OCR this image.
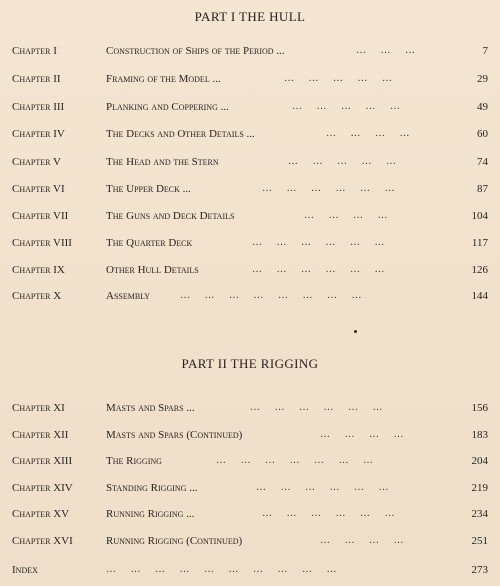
PART I THE HULL
Chapter I	Construction of Ships of the Period ...	… … …	7
Chapter II	Framing of the Model ...	… … … … …	29
Chapter III	Planking and Coppering ...	… … … … …	49
Chapter IV	The Decks and Other Details ...	… … … …	60
Chapter V	The Head and the Stern	… … … … …	74
Chapter VI	The Upper Deck ...	… … … … … …	87
Chapter VII	The Guns and Deck Details	… … … …	104
Chapter VIII	The Quarter Deck	… … … … … …	117
Chapter IX	Other Hull Details	… … … … … …	126
Chapter X	Assembly	… … … … … … … …	144
PART II THE RIGGING
Chapter XI	Masts and Spars ...	… … … … … …	156
Chapter XII	Masts and Spars (Continued)	… … … …	183
Chapter XIII	The Rigging	… … … … … … …	204
Chapter XIV	Standing Rigging ...	… … … … … …	219
Chapter XV	Running Rigging ...	… … … … … …	234
Chapter XVI	Running Rigging (Continued)	… … … …	251
Index	… … … … … … … … … …	273
